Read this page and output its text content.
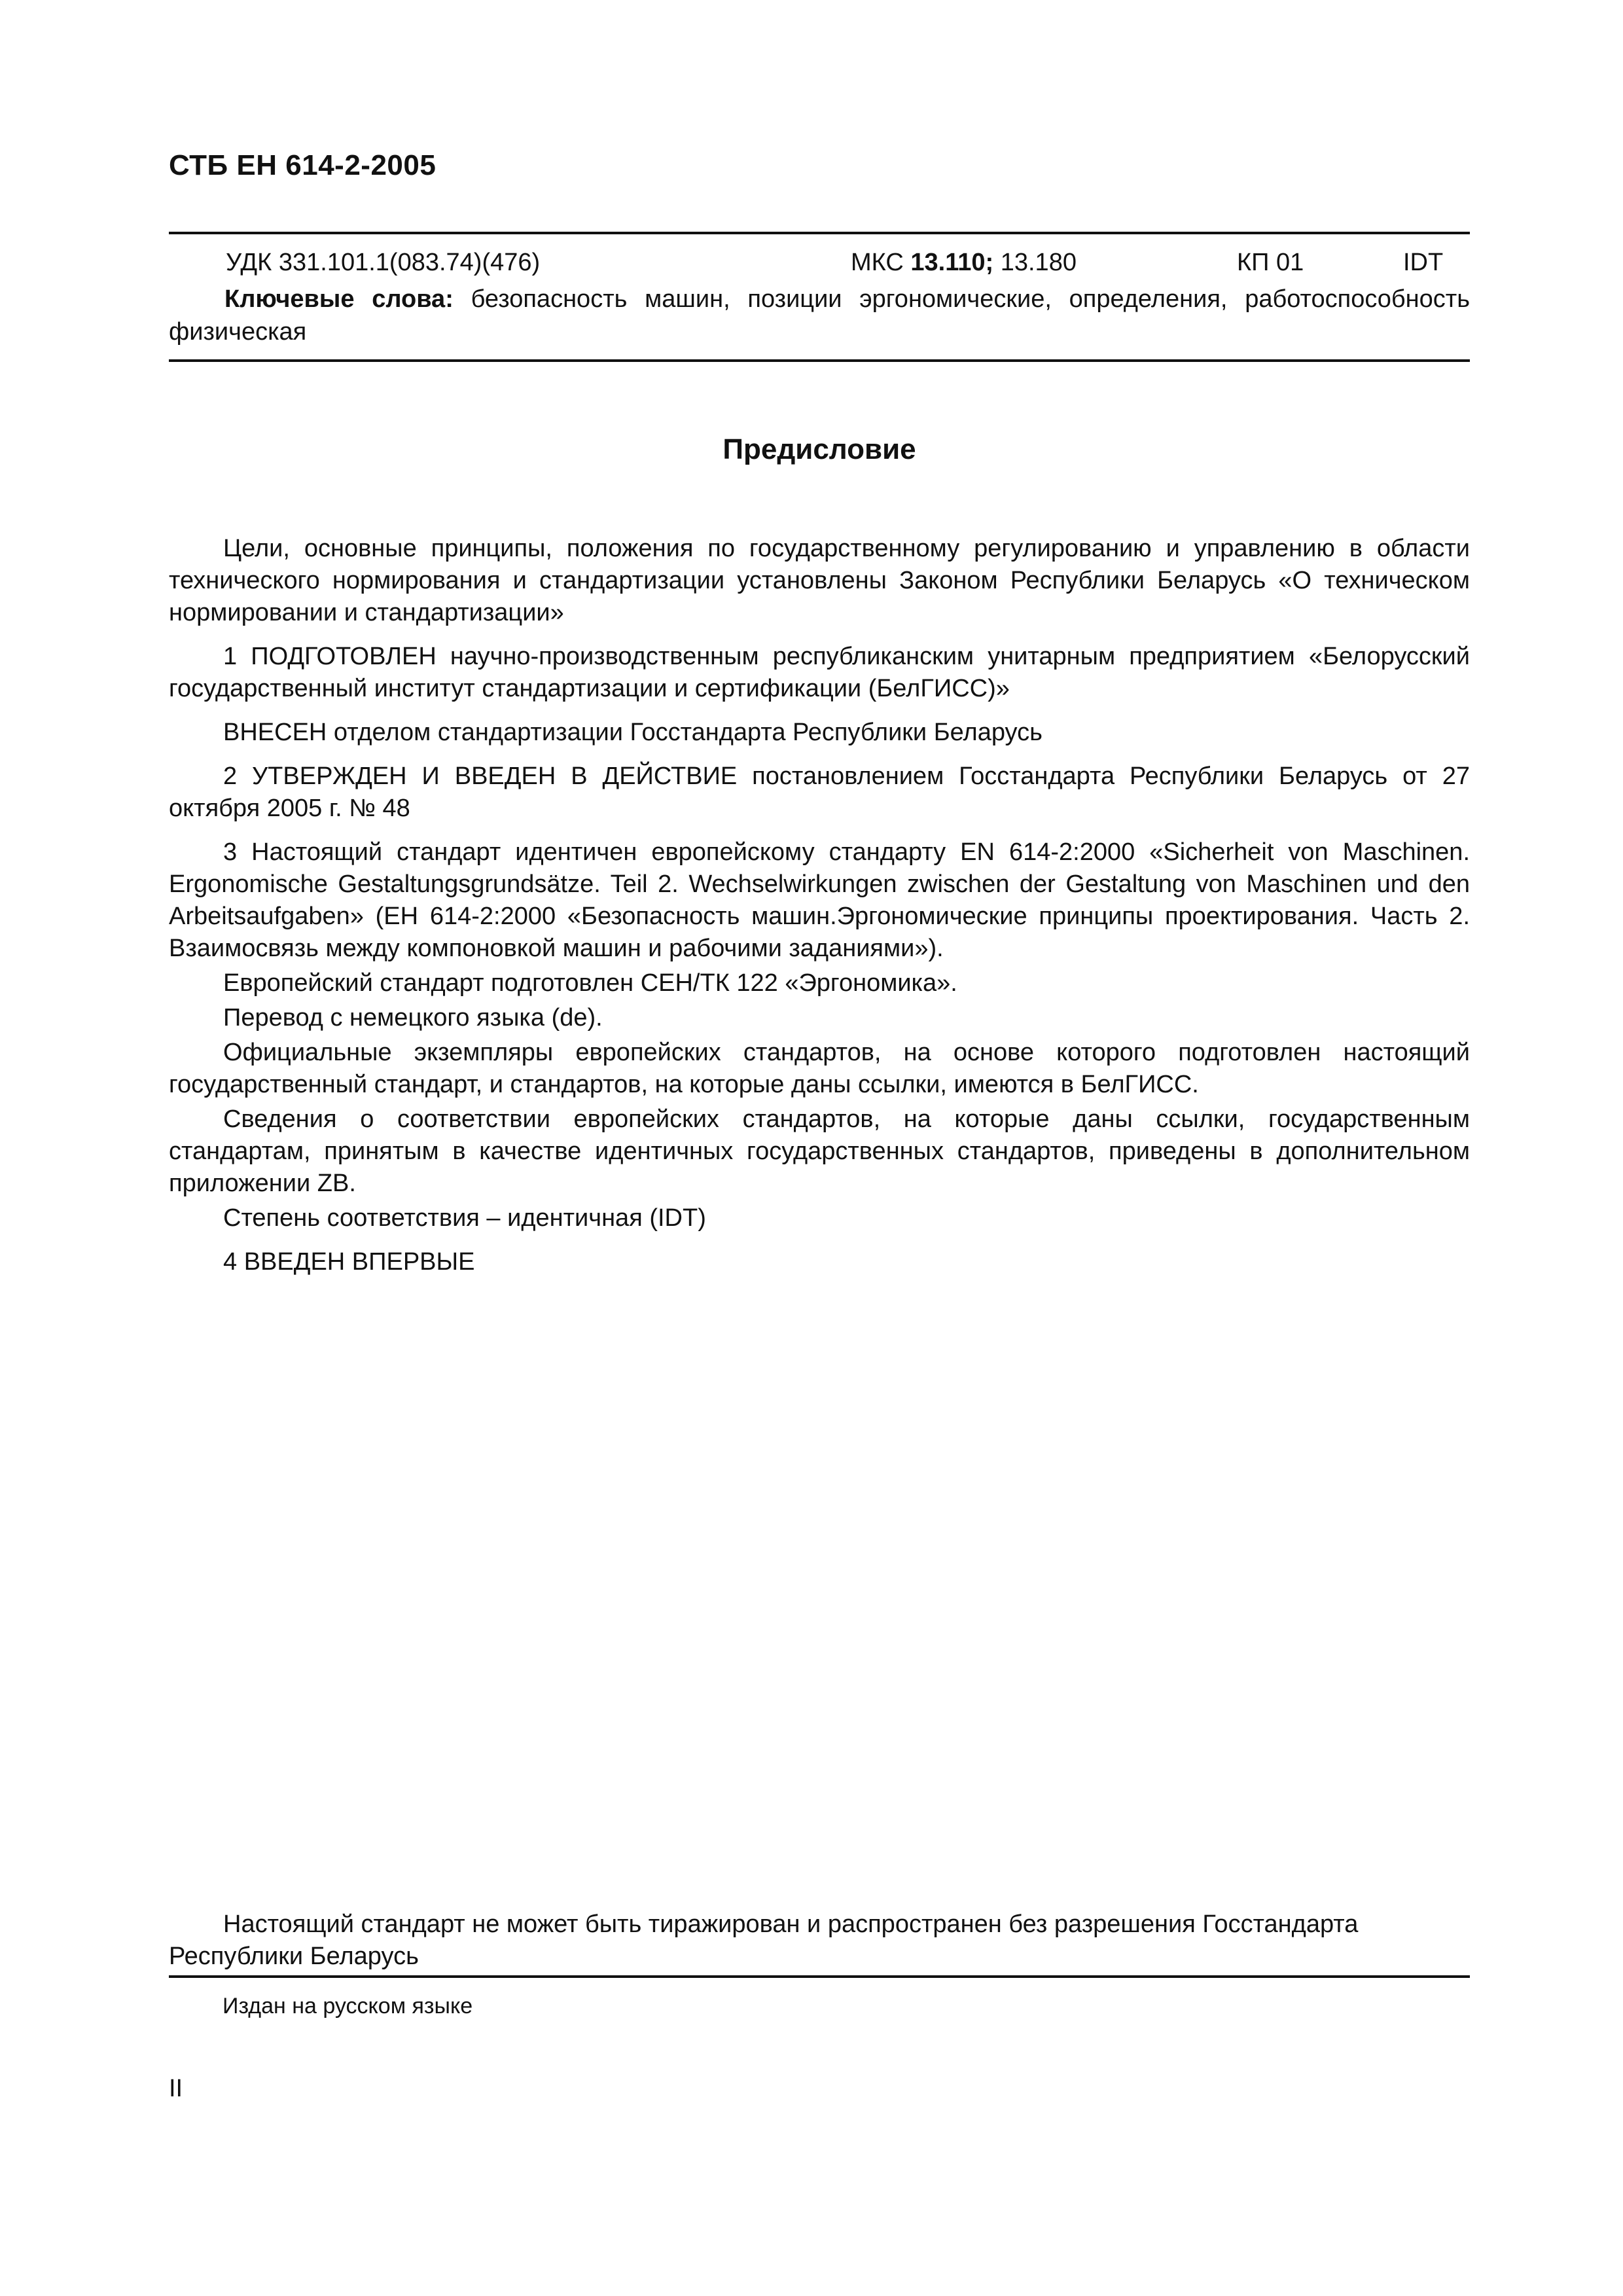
СТБ ЕН 614-2-2005
УДК 331.101.1(083.74)(476)	МКС 13.110; 13.180	КП 01	IDT
Ключевые слова: безопасность машин, позиции эргономические, определения, работоспособность физическая
Предисловие

Цели, основные принципы, положения по государственному регулированию и управлению в области технического нормирования и стандартизации установлены Законом Республики Беларусь «О техническом нормировании и стандартизации»

1 ПОДГОТОВЛЕН научно-производственным республиканским унитарным предприятием «Белорусский государственный институт стандартизации и сертификации (БелГИСС)»

ВНЕСЕН отделом стандартизации Госстандарта Республики Беларусь

2 УТВЕРЖДЕН И ВВЕДЕН В ДЕЙСТВИЕ постановлением Госстандарта Республики Беларусь от 27 октября 2005 г. № 48

3 Настоящий стандарт идентичен европейскому стандарту EN 614-2:2000 «Sicherheit von Maschinen. Ergonomische Gestaltungsgrundsätze. Teil 2. Wechselwirkungen zwischen der Gestaltung von Maschinen und den Arbeitsaufgaben» (ЕН 614-2:2000 «Безопасность машин.Эргономические принципы проектирования. Часть 2. Взаимосвязь между компоновкой машин и рабочими заданиями»).

Европейский стандарт подготовлен СЕН/ТК 122 «Эргономика».

Перевод с немецкого языка (de).

Официальные экземпляры европейских стандартов, на основе которого подготовлен настоящий государственный стандарт, и стандартов, на которые даны ссылки, имеются в БелГИСС.

Сведения о соответствии европейских стандартов, на которые даны ссылки, государственным стандартам, принятым в качестве идентичных государственных стандартов, приведены в дополнительном приложении ZB.

Степень соответствия – идентичная (IDT)

4 ВВЕДЕН ВПЕРВЫЕ

Настоящий стандарт не может быть тиражирован и распространен без разрешения Госстандарта Республики Беларусь
Издан на русском языке
II
